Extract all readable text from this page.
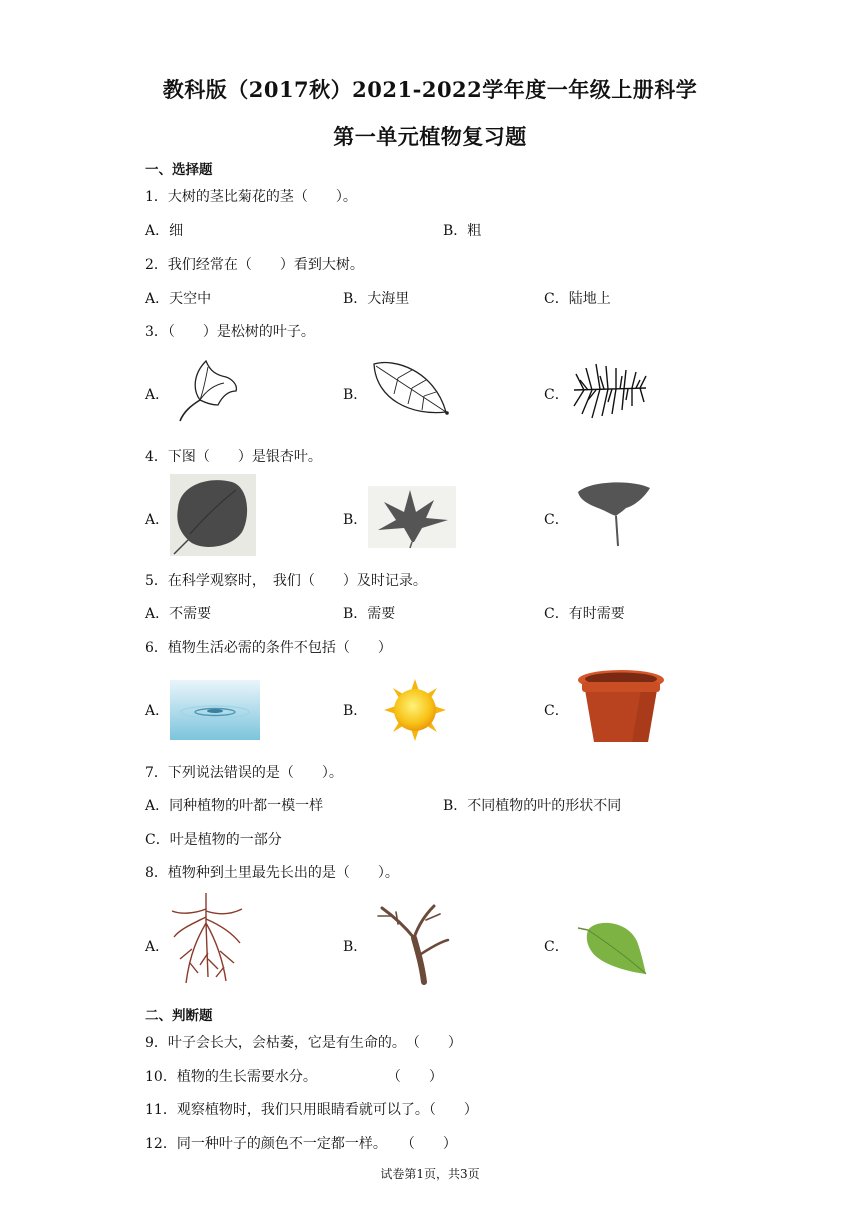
教科版（2017秋）2021-2022学年度一年级上册科学
第一单元植物复习题
一、选择题
1．大树的茎比菊花的茎（　　）。
A．细	B．粗
2．我们经常在（　　）看到大树。
A．天空中	B．大海里	C．陆地上
3．（　　）是松树的叶子。
A．	B．	C．
4．下图（　　）是银杏叶。
A．	B．	C．
5．在科学观察时，　我们（　　）及时记录。
A．不需要	B．需要	C．有时需要
6．植物生活必需的条件不包括（　　）
A．	B．	C．
7．下列说法错误的是（　　）。
A．同种植物的叶都一模一样	B．不同植物的叶的形状不同
C．叶是植物的一部分
8．植物种到土里最先长出的是（　　）。
A．	B．	C．
二、判断题
9．叶子会长大，会枯萎，它是有生命的。　（　　）
10．植物的生长需要水分。　　　　　　（　　）
11．观察植物时，我们只用眼睛看就可以了。（　　）
12．同一种叶子的颜色不一定都一样。　　（　　）
试卷第1页，共3页
